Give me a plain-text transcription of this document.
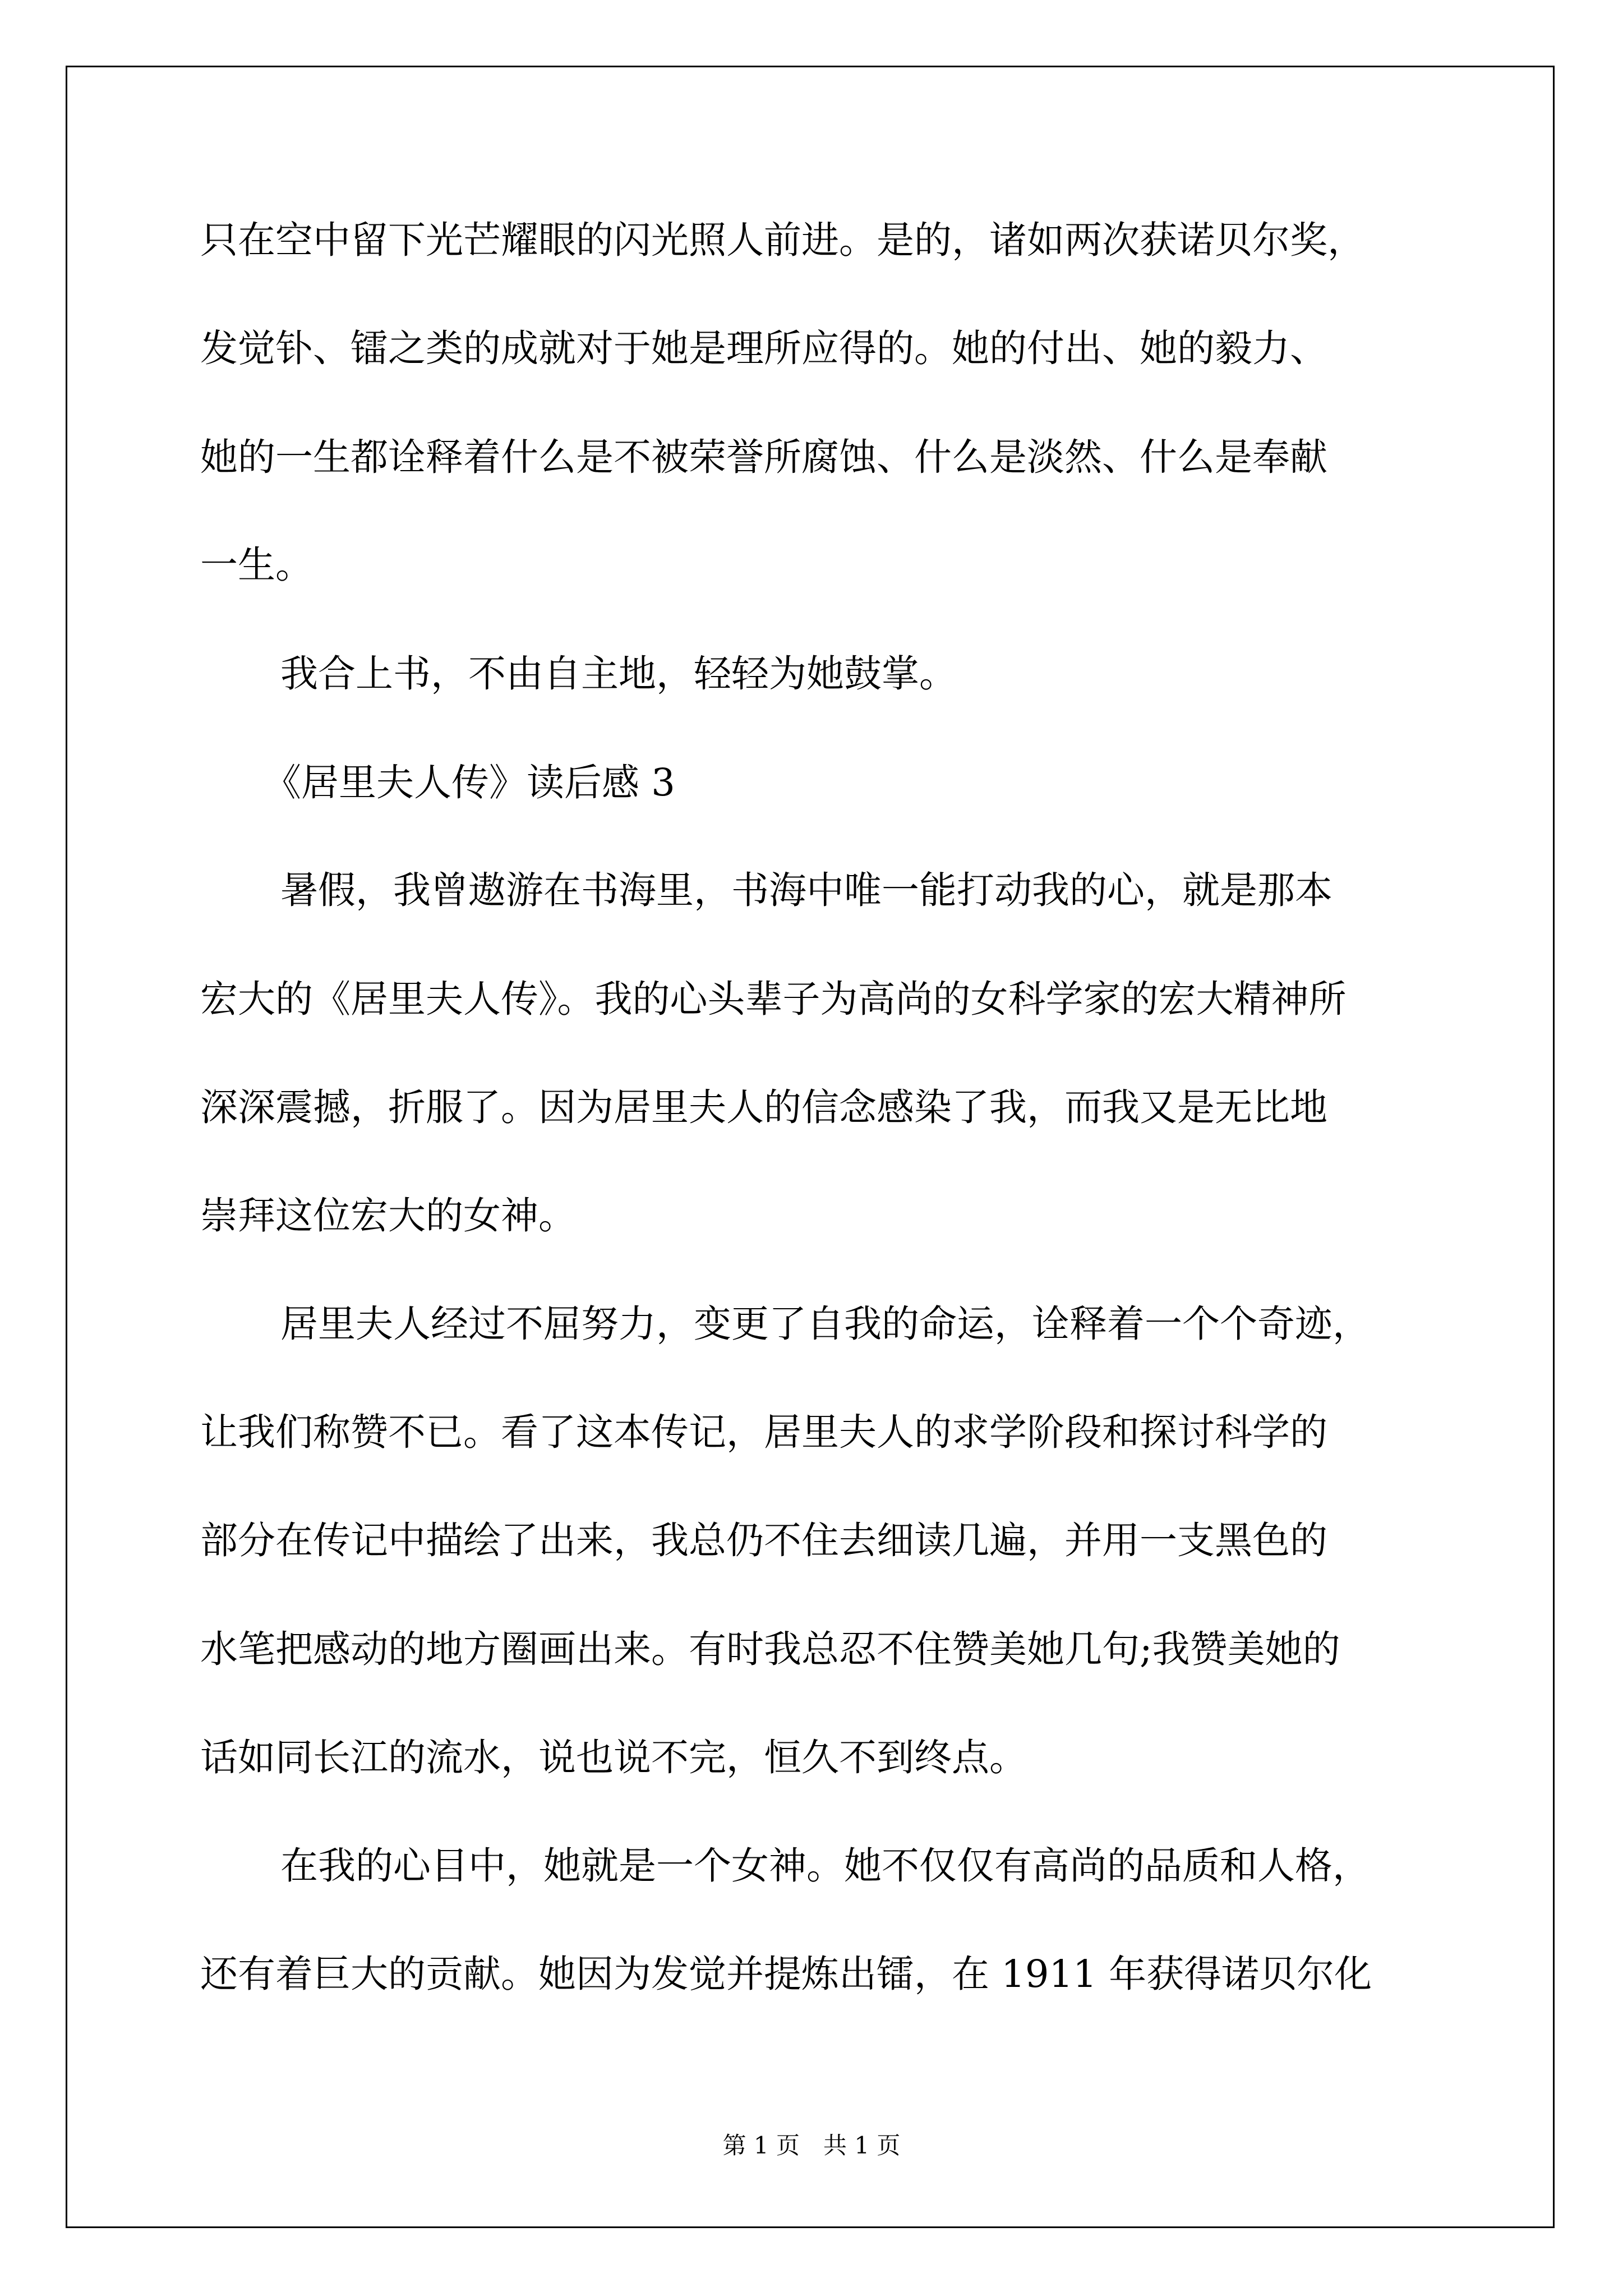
只在空中留下光芒耀眼的闪光照人前进。是的，诸如两次获诺贝尔奖，
发觉钋、镭之类的成就对于她是理所应得的。她的付出、她的毅力、
她的一生都诠释着什么是不被荣誉所腐蚀、什么是淡然、什么是奉献
一生。
我合上书，不由自主地，轻轻为她鼓掌。
《居里夫人传》读后感 3
暑假，我曾遨游在书海里，书海中唯一能打动我的心，就是那本
宏大的《居里夫人传》。我的心头辈子为高尚的女科学家的宏大精神所
深深震撼，折服了。因为居里夫人的信念感染了我，而我又是无比地
崇拜这位宏大的女神。
居里夫人经过不屈努力，变更了自我的命运，诠释着一个个奇迹，
让我们称赞不已。看了这本传记，居里夫人的求学阶段和探讨科学的
部分在传记中描绘了出来，我总仍不住去细读几遍，并用一支黑色的
水笔把感动的地方圈画出来。有时我总忍不住赞美她几句;我赞美她的
话如同长江的流水，说也说不完，恒久不到终点。
在我的心目中，她就是一个女神。她不仅仅有高尚的品质和人格，
还有着巨大的贡献。她因为发觉并提炼出镭，在 1911 年获得诺贝尔化
第 1 页　共 1 页
